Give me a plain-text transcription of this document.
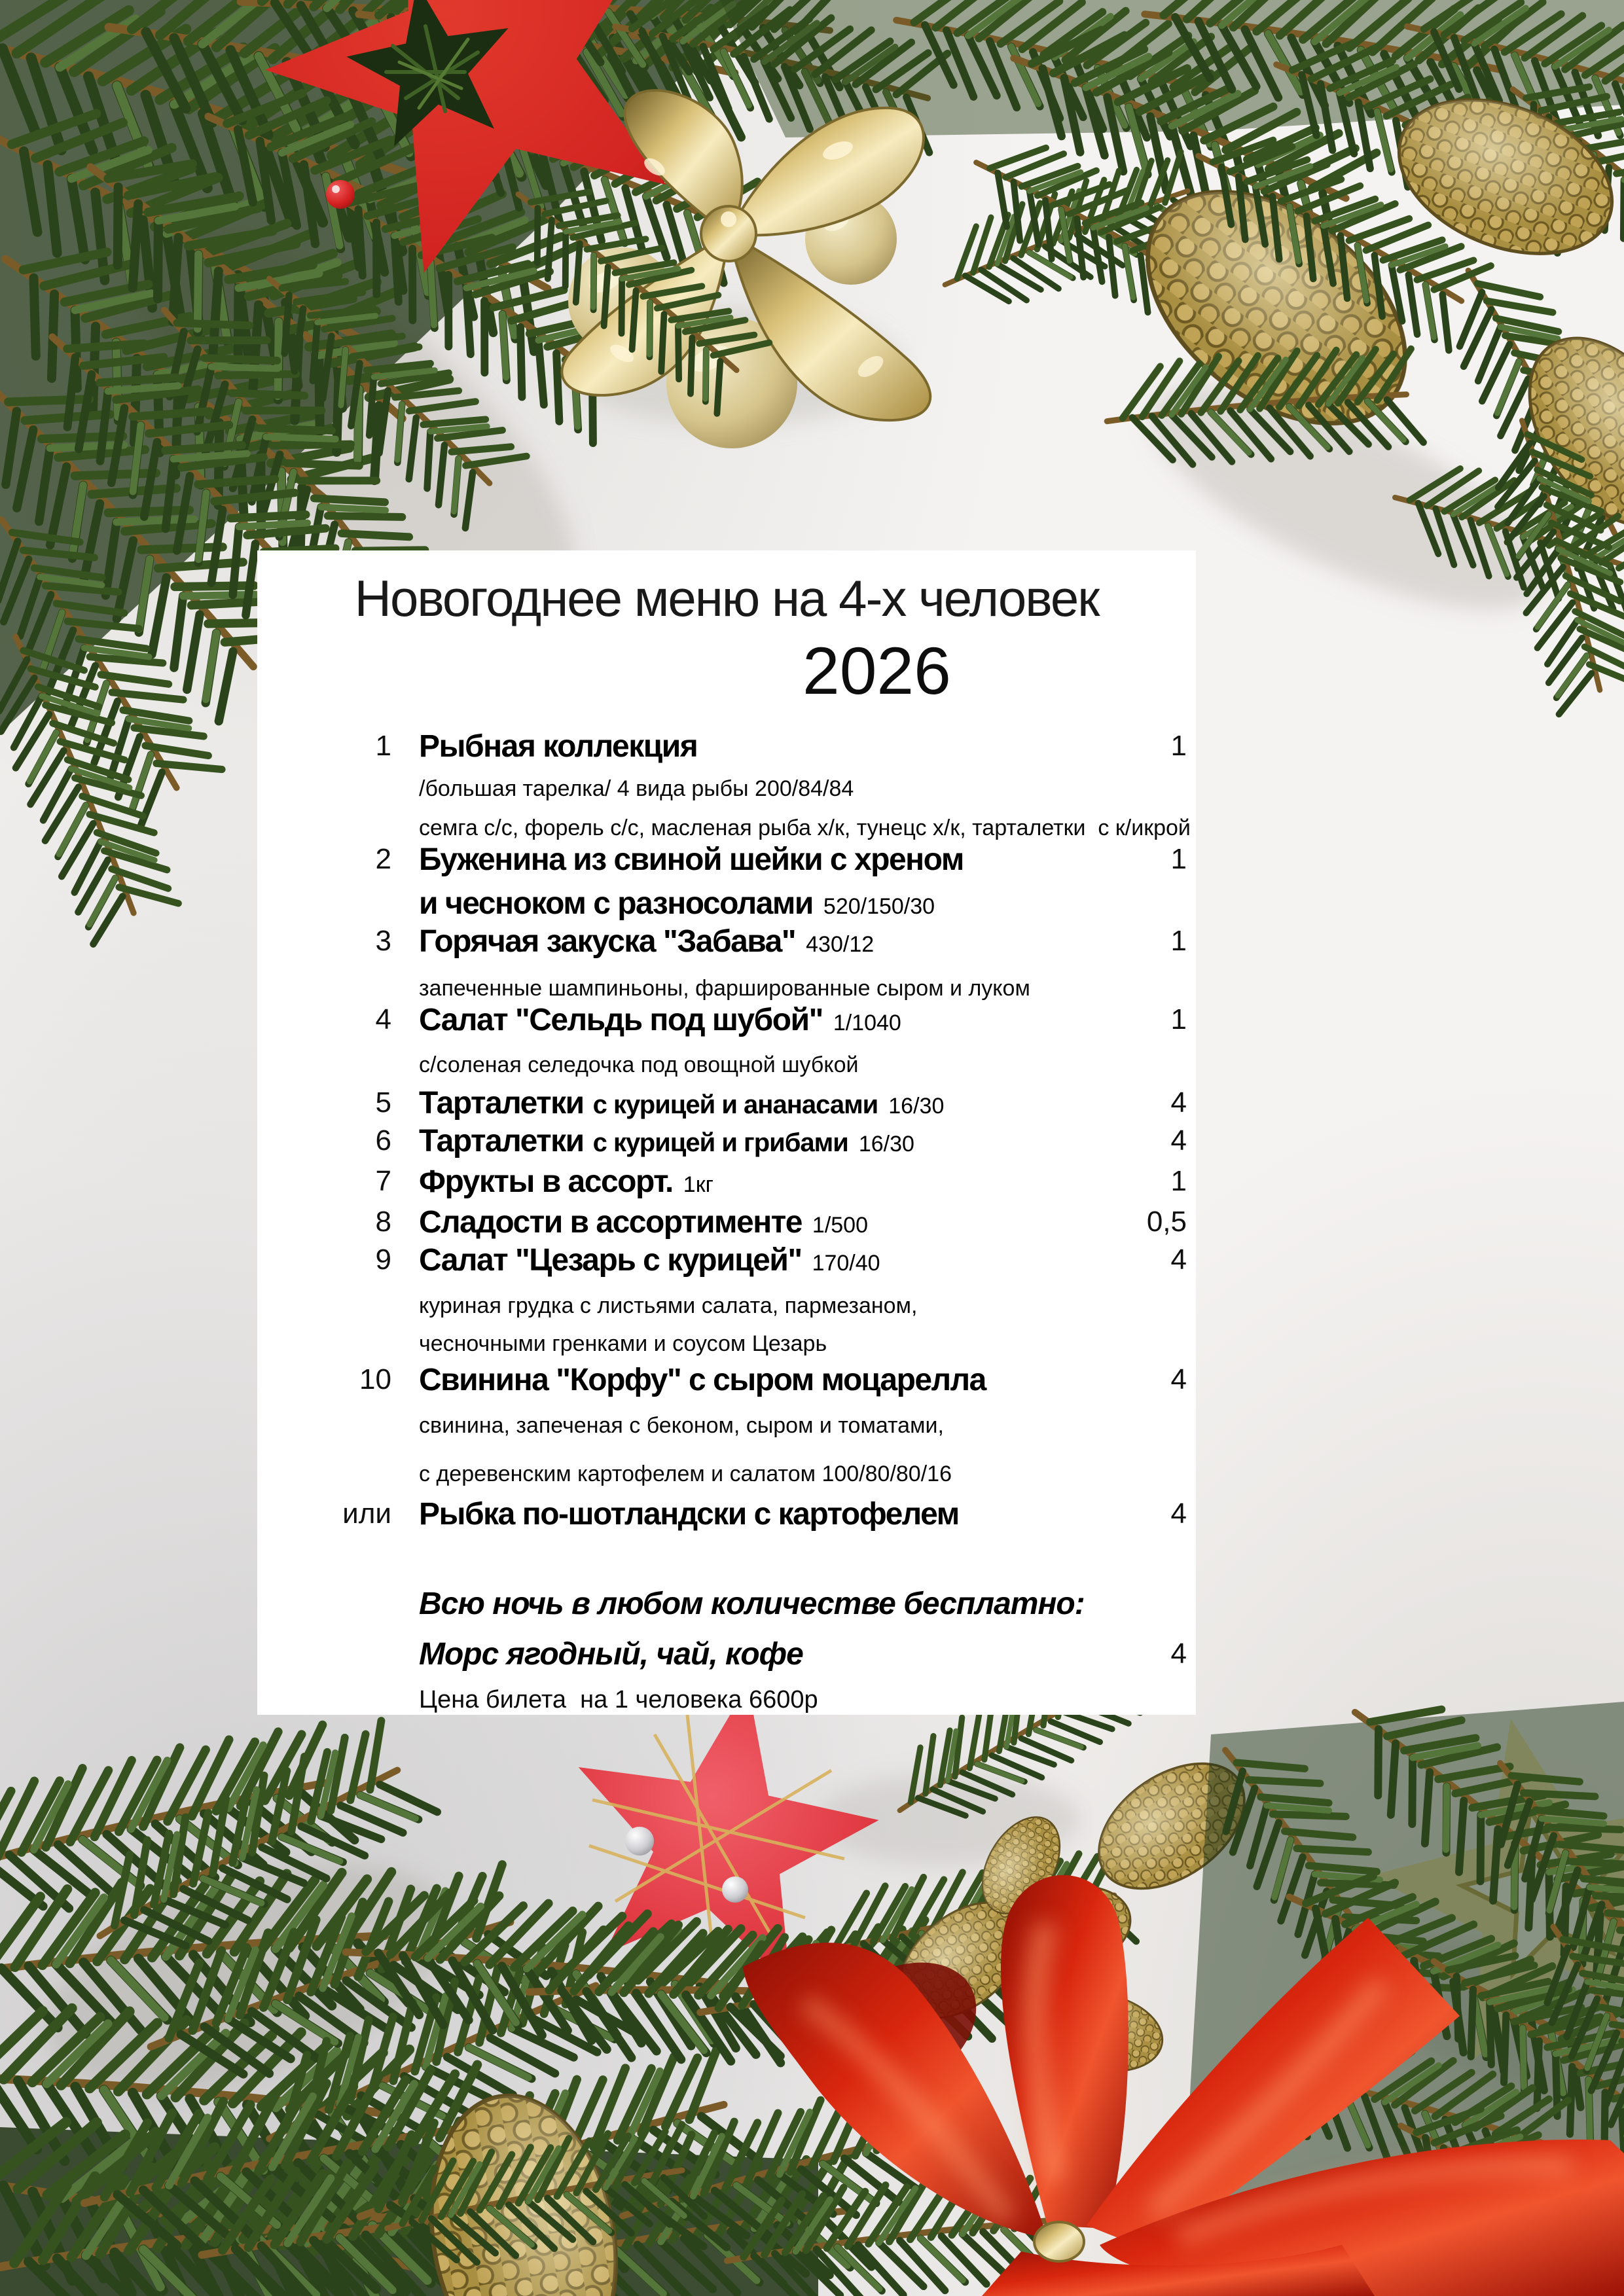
Новогоднее меню на 4-х человек
2026
1 Рыбная коллекция	1
/большая тарелка/ 4 вида рыбы 200/84/84
семга с/с, форель с/с, масленая рыба х/к, тунецс х/к, тарталетки  с к/икрой
2 Буженина из свиной шейки с хреном	1
и чесноком с разносолами 520/150/30
3 Горячая закуска "Забава" 430/12	1
запеченные шампиньоны, фаршированные сыром и луком
4 Салат "Сельдь под шубой" 1/1040	1
с/соленая селедочка под овощной шубкой
5 Тарталетки с курицей и ананасами 16/30	4
6 Тарталетки с курицей и грибами 16/30	4
7 Фрукты в ассорт. 1кг	1
8 Сладости в ассортименте 1/500	0,5
9 Салат "Цезарь с курицей" 170/40	4
куриная грудка с листьями салата, пармезаном,
чесночными гренками и соусом Цезарь
10 Свинина "Корфу" с сыром моцарелла	4
свинина, запеченая с беконом, сыром и томатами,
с деревенским картофелем и салатом 100/80/80/16
или Рыбка по-шотландски с картофелем	4
Всю ночь в любом количестве бесплатно:
Морс ягодный, чай, кофе	4
Цена билета  на 1 человека 6600р
